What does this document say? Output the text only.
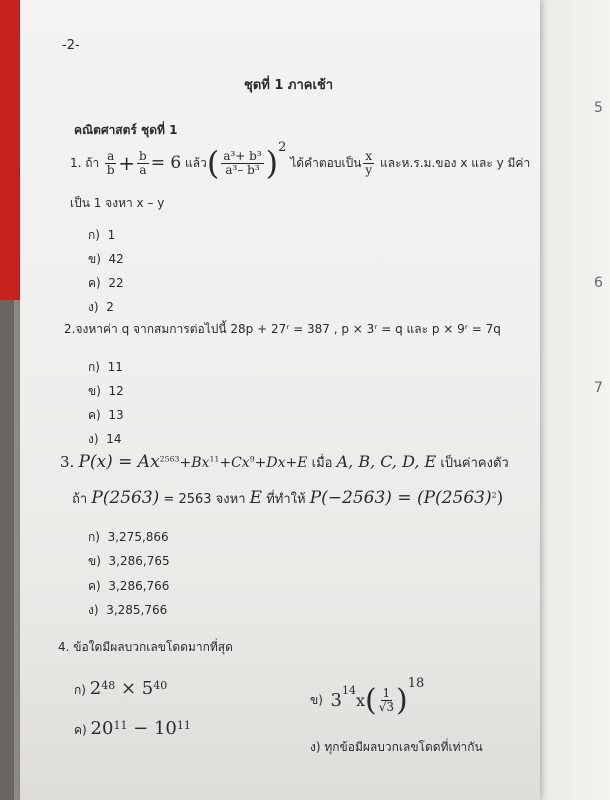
5
6
7
-2-
ชุดที่ 1 ภาคเช้า
คณิตศาสตร์ ชุดที่ 1
1.
ถ้า
$\frac{a}{b} + \frac{b}{a} = 6$
แล้ว ( $\frac{\text{a³+ b³}}{\text{a³– b³}}$ ) 2

ได้คำตอบเป็น $\frac{x}{y}$
และห.ร.ม.ของ x และ y มีค่า
เป็น 1 จงหา x – y
ก) 1
ข) 42
ค) 22
ง) 2
2.จงหาค่า q จากสมการต่อไปนี้ 28p + 27ʳ = 387 , p × 3ʳ = q และ p × 9ʳ = 7q
ก) 11
ข) 12
ค) 13
ง) 14
3. $P(x) = Ax^{2563}+Bx^{11}+Cx^9+Dx+E$ เมื่อ A, B, C, D, E เป็นค่าคงตัว
ถ้า P(2563) = 2563 จงหา E ที่ทำให้ $P(-2563) = (P(2563)^2)$
ก) 3,275,866
ข) 3,286,765
ค) 3,286,766
ง) 3,285,766
4. ข้อใดมีผลบวกเลขโดดมากที่สุด
ก) $2^{48} \times 5^{40}$
ข)
3 14 x ( $\frac{1}{√3}$ ) 18
ค) $20^{11} - 10^{11}$
ง) ทุกข้อมีผลบวกเลขโดดที่เท่ากัน
